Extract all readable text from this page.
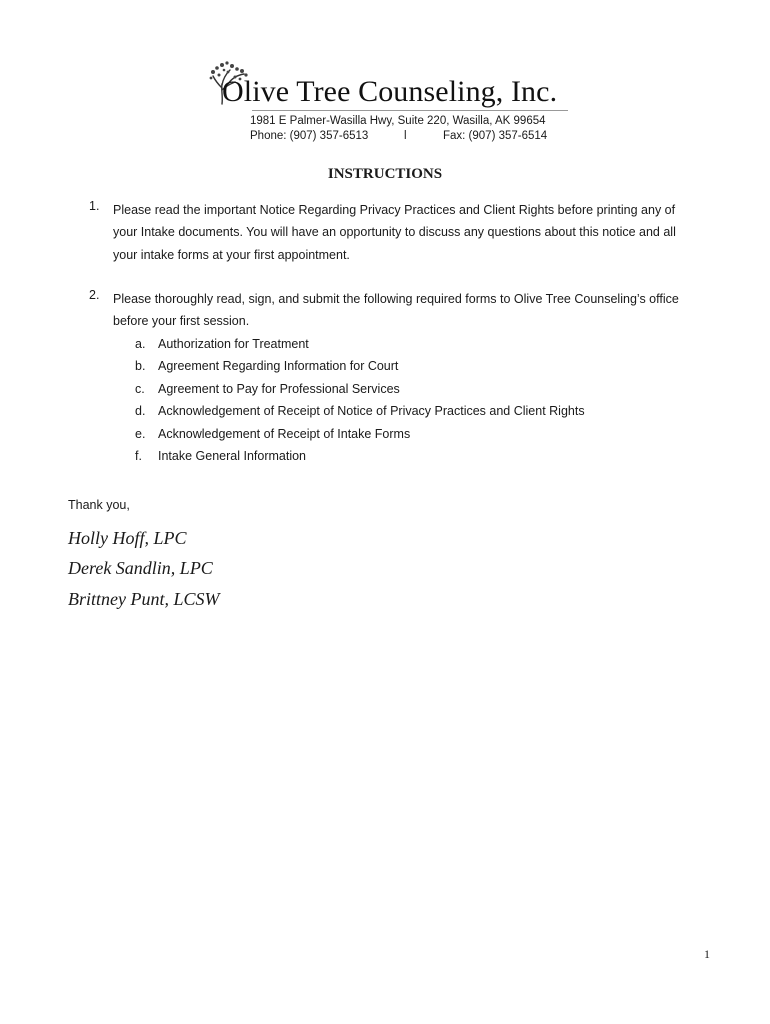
Olive Tree Counseling, Inc.
1981 E Palmer-Wasilla Hwy, Suite 220, Wasilla, AK 99654
Phone: (907) 357-6513	l	Fax: (907) 357-6514
INSTRUCTIONS
1. Please read the important Notice Regarding Privacy Practices and Client Rights before printing any of your Intake documents. You will have an opportunity to discuss any questions about this notice and all your intake forms at your first appointment.
2. Please thoroughly read, sign, and submit the following required forms to Olive Tree Counseling’s office before your first session.
a. Authorization for Treatment
b. Agreement Regarding Information for Court
c. Agreement to Pay for Professional Services
d. Acknowledgement of Receipt of Notice of Privacy Practices and Client Rights
e. Acknowledgement of Receipt of Intake Forms
f. Intake General Information
Thank you,
Holly Hoff, LPC
Derek Sandlin, LPC
Brittney Punt, LCSW
1
